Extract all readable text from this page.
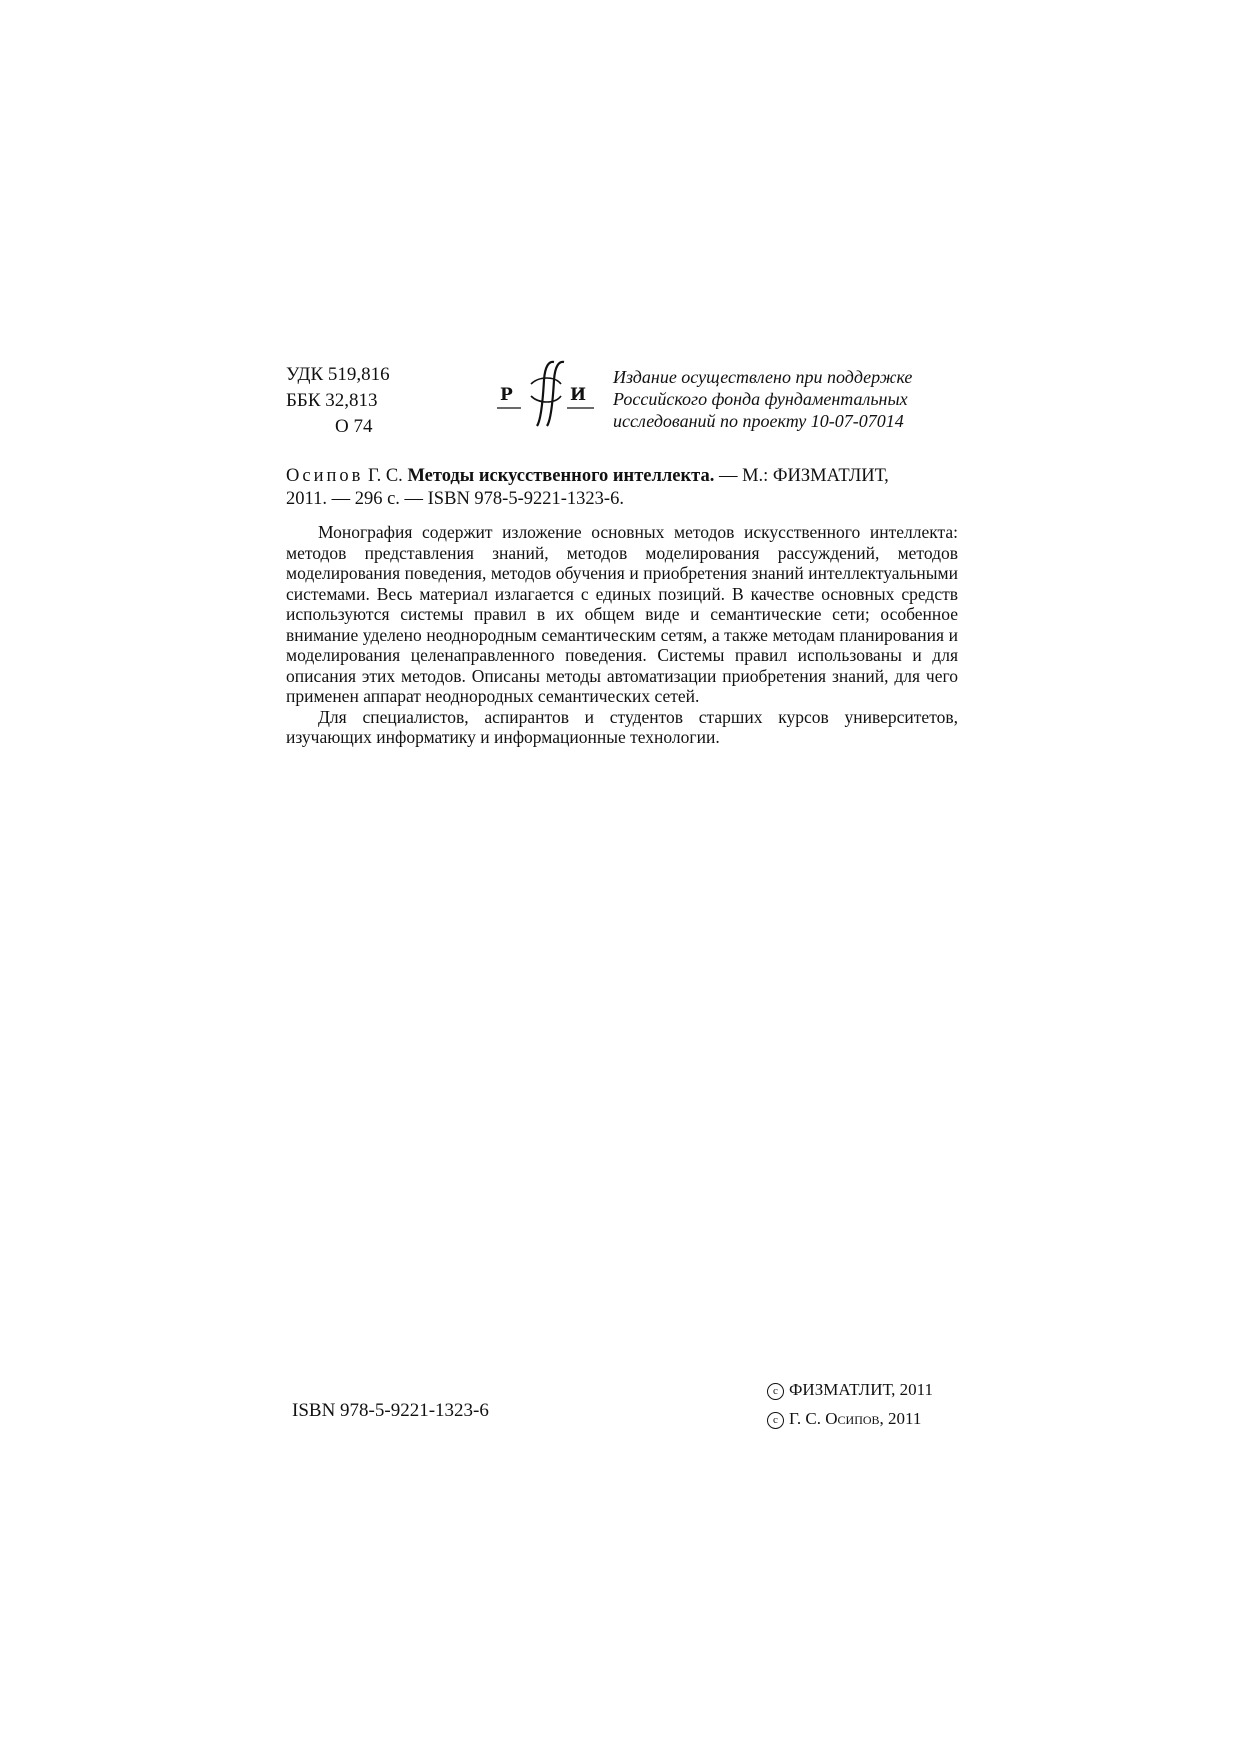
УДК 519,816
ББК 32,813
О 74
Р	И
Издание осуществлено при поддержке
Российского фонда фундаментальных
исследований по проекту 10-07-07014
Осипов Г. С. Методы искусственного интеллекта. — М.: ФИЗМАТЛИТ,
2011. — 296 с. — ISBN 978-5-9221-1323-6.

Монография содержит изложение основных методов искусственного интеллекта: методов представления знаний, методов моделирования рассуждений, методов моделирования поведения, методов обучения и приобретения знаний интеллектуальными системами. Весь материал излагается с единых позиций. В качестве основных средств используются системы правил в их общем виде и семантические сети; особенное внимание уделено неоднородным семантическим сетям, а также методам планирования и моделирования целенаправленного поведения. Системы правил использованы и для описания этих методов. Описаны методы автоматизации приобретения знаний, для чего применен аппарат неоднородных семантических сетей.

Для специалистов, аспирантов и студентов старших курсов университетов, изучающих информатику и информационные технологии.

ISBN 978-5-9221-1323-6
c ФИЗМАТЛИТ, 2011
c Г. С. Осипов, 2011
